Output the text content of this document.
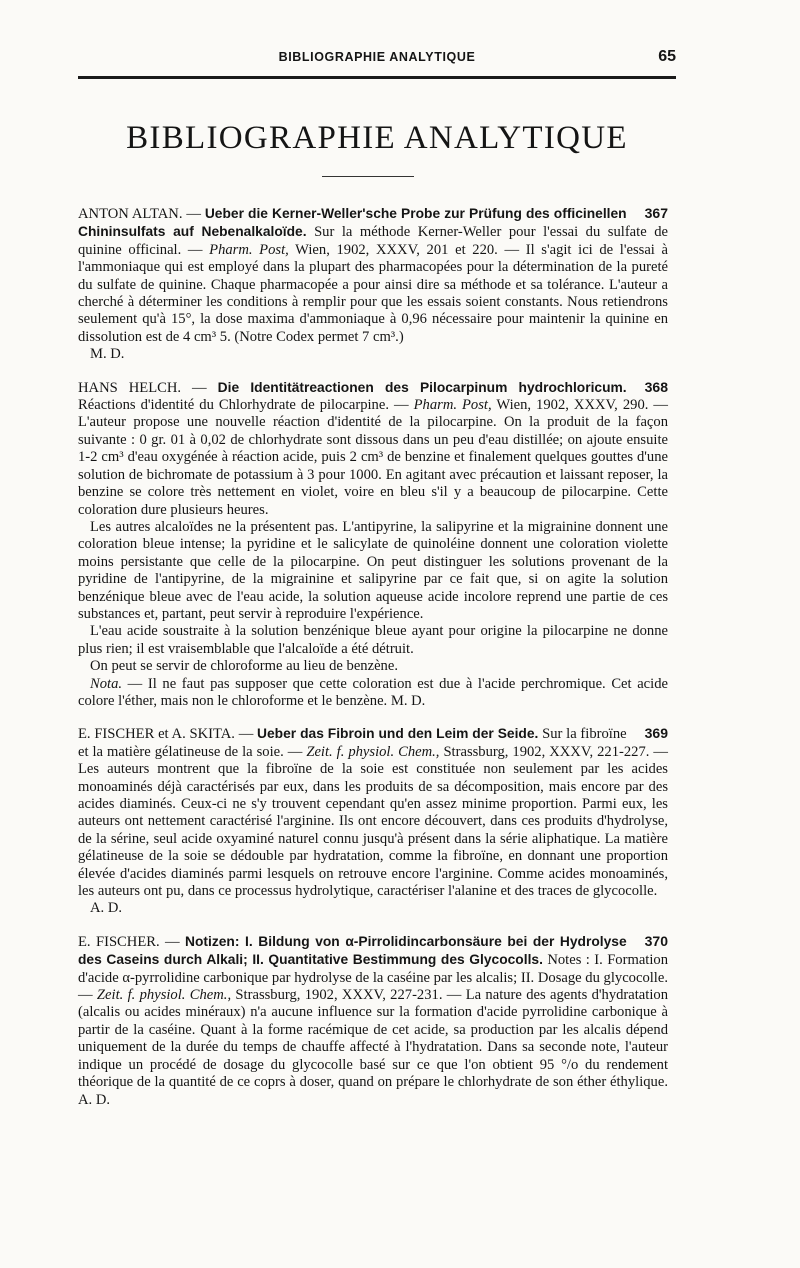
BIBLIOGRAPHIE ANALYTIQUE	65
BIBLIOGRAPHIE ANALYTIQUE

367
ANTON ALTAN. — Ueber die Kerner-Weller'sche Probe zur Prüfung des officinellen Chininsulfats auf Nebenalkaloïde. Sur la méthode Kerner-Weller pour l'essai du sulfate de quinine officinal. — Pharm. Post, Wien, 1902, XXXV, 201 et 220. — Il s'agit ici de l'essai à l'ammoniaque qui est employé dans la plupart des pharmacopées pour la détermination de la pureté du sulfate de quinine. Chaque pharmacopée a pour ainsi dire sa méthode et sa tolérance. L'auteur a cherché à déterminer les conditions à remplir pour que les essais soient constants. Nous retiendrons seulement qu'à 15°, la dose maxima d'ammoniaque à 0,96 nécessaire pour maintenir la quinine en dissolution est de 4 cm³ 5. (Notre Codex permet 7 cm³.)

M. D.

368
HANS HELCH. — Die Identitätreactionen des Pilocarpinum hydrochloricum. Réactions d'identité du Chlorhydrate de pilocarpine. — Pharm. Post, Wien, 1902, XXXV, 290. — L'auteur propose une nouvelle réaction d'identité de la pilocarpine. On la produit de la façon suivante : 0 gr. 01 à 0,02 de chlorhydrate sont dissous dans un peu d'eau distillée; on ajoute ensuite 1-2 cm³ d'eau oxygénée à réaction acide, puis 2 cm³ de benzine et finalement quelques gouttes d'une solution de bichromate de potassium à 3 pour 1000. En agitant avec précaution et laissant reposer, la benzine se colore très nettement en violet, voire en bleu s'il y a beaucoup de pilocarpine. Cette coloration dure plusieurs heures.

Les autres alcaloïdes ne la présentent pas. L'antipyrine, la salipyrine et la migrainine donnent une coloration bleue intense; la pyridine et le salicylate de quinoléine donnent une coloration violette moins persistante que celle de la pilocarpine. On peut distinguer les solutions provenant de la pyridine de l'antipyrine, de la migrainine et salipyrine par ce fait que, si on agite la solution benzénique bleue avec de l'eau acide, la solution aqueuse acide incolore reprend une partie de ces substances et, partant, peut servir à reproduire l'expérience.

L'eau acide soustraite à la solution benzénique bleue ayant pour origine la pilocarpine ne donne plus rien; il est vraisemblable que l'alcaloïde a été détruit.

On peut se servir de chloroforme au lieu de benzène.

Nota. — Il ne faut pas supposer que cette coloration est due à l'acide perchromique. Cet acide colore l'éther, mais non le chloroforme et le benzène. M. D.

369
E. FISCHER et A. SKITA. — Ueber das Fibroin und den Leim der Seide. Sur la fibroïne et la matière gélatineuse de la soie. — Zeit. f. physiol. Chem., Strassburg, 1902, XXXV, 221-227. — Les auteurs montrent que la fibroïne de la soie est constituée non seulement par les acides monoaminés déjà caractérisés par eux, dans les produits de sa décomposition, mais encore par des acides diaminés. Ceux-ci ne s'y trouvent cependant qu'en assez minime proportion. Parmi eux, les auteurs ont nettement caractérisé l'arginine. Ils ont encore découvert, dans ces produits d'hydrolyse, de la sérine, seul acide oxyaminé naturel connu jusqu'à présent dans la série aliphatique. La matière gélatineuse de la soie se dédouble par hydratation, comme la fibroïne, en donnant une proportion élevée d'acides diaminés parmi lesquels on retrouve encore l'arginine. Comme acides monoaminés, les auteurs ont pu, dans ce processus hydrolytique, caractériser l'alanine et des traces de glycocolle.

A. D.

370
E. FISCHER. — Notizen: I. Bildung von α-Pirrolidincarbonsäure bei der Hydrolyse des Caseins durch Alkali; II. Quantitative Bestimmung des Glycocolls. Notes : I. Formation d'acide α-pyrrolidine carbonique par hydrolyse de la caséine par les alcalis; II. Dosage du glycocolle. — Zeit. f. physiol. Chem., Strassburg, 1902, XXXV, 227-231. — La nature des agents d'hydratation (alcalis ou acides minéraux) n'a aucune influence sur la formation d'acide pyrrolidine carbonique à partir de la caséine. Quant à la forme racémique de cet acide, sa production par les alcalis dépend uniquement de la durée du temps de chauffe affecté à l'hydratation. Dans sa seconde note, l'auteur indique un procédé de dosage du glycocolle basé sur ce que l'on obtient 95 °/o du rendement théorique de la quantité de ce coprs à doser, quand on prépare le chlorhydrate de son éther éthylique. A. D.
